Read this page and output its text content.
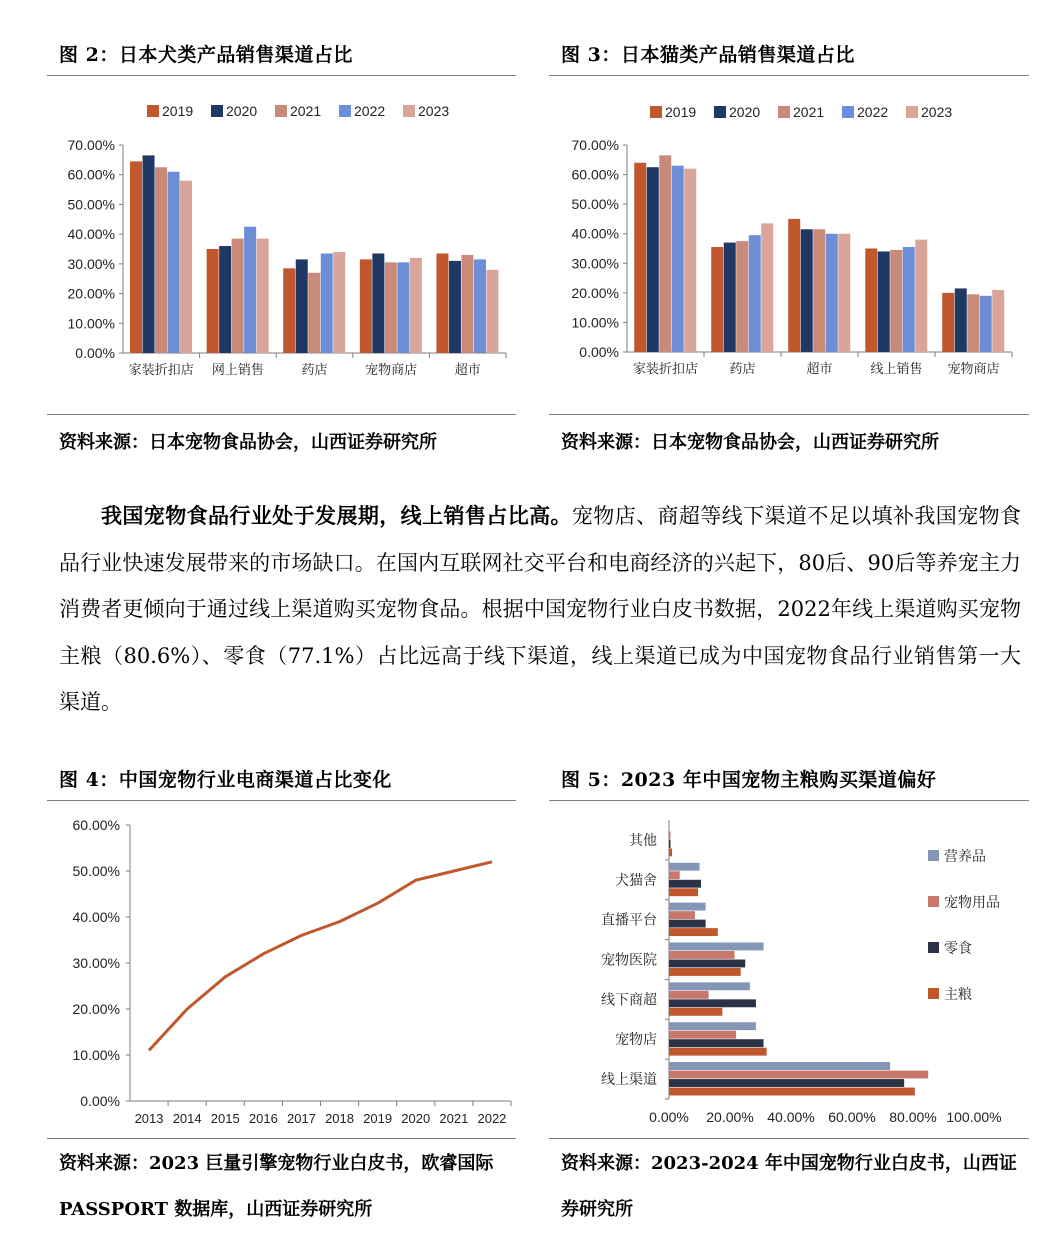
图 2：日本犬类产品销售渠道占比
2019 2020 2021 2022 2023
0.00%
10.00%
20.00%
30.00%
40.00%
50.00%
60.00%
70.00%
家装折扣店 网上销售	药店	宠物商店	超市
资料来源：日本宠物食品协会，山西证券研究所
图 3：日本猫类产品销售渠道占比
2019 2020 2021 2022 2023
0.00%
10.00%
20.00%
30.00%
40.00%
50.00%
60.00%
70.00%
家装折扣店 药店	超市	线上销售 宠物商店
资料来源：日本宠物食品协会，山西证券研究所

我国宠物食品行业处于发展期，线上销售占比高。宠物店、商超等线下渠道不足以填补我国宠物食品行业快速发展带来的市场缺口。在国内互联网社交平台和电商经济的兴起下，80后、90后等养宠主力消费者更倾向于通过线上渠道购买宠物食品。根据中国宠物行业白皮书数据，2022年线上渠道购买宠物主粮（80.6%）、零食（77.1%）占比远高于线下渠道，线上渠道已成为中国宠物食品行业销售第一大渠道。

图 4：中国宠物行业电商渠道占比变化
0.00%
10.00%
20.00%
30.00%
40.00%
50.00%
60.00%
2013 2014 2015 2016 2017 2018 2019 2020 2021 2022
资料来源：2023 巨量引擎宠物行业白皮书，欧睿国际 PASSPORT 数据库，山西证券研究所
图 5：2023 年中国宠物主粮购买渠道偏好
0.00% 20.00% 40.00% 60.00% 80.00% 100.00%
其他
犬猫舍
直播平台
宠物医院
线下商超
宠物店
线上渠道
营养品
宠物用品
零食
主粮
资料来源：2023-2024 年中国宠物行业白皮书，山西证券研究所
